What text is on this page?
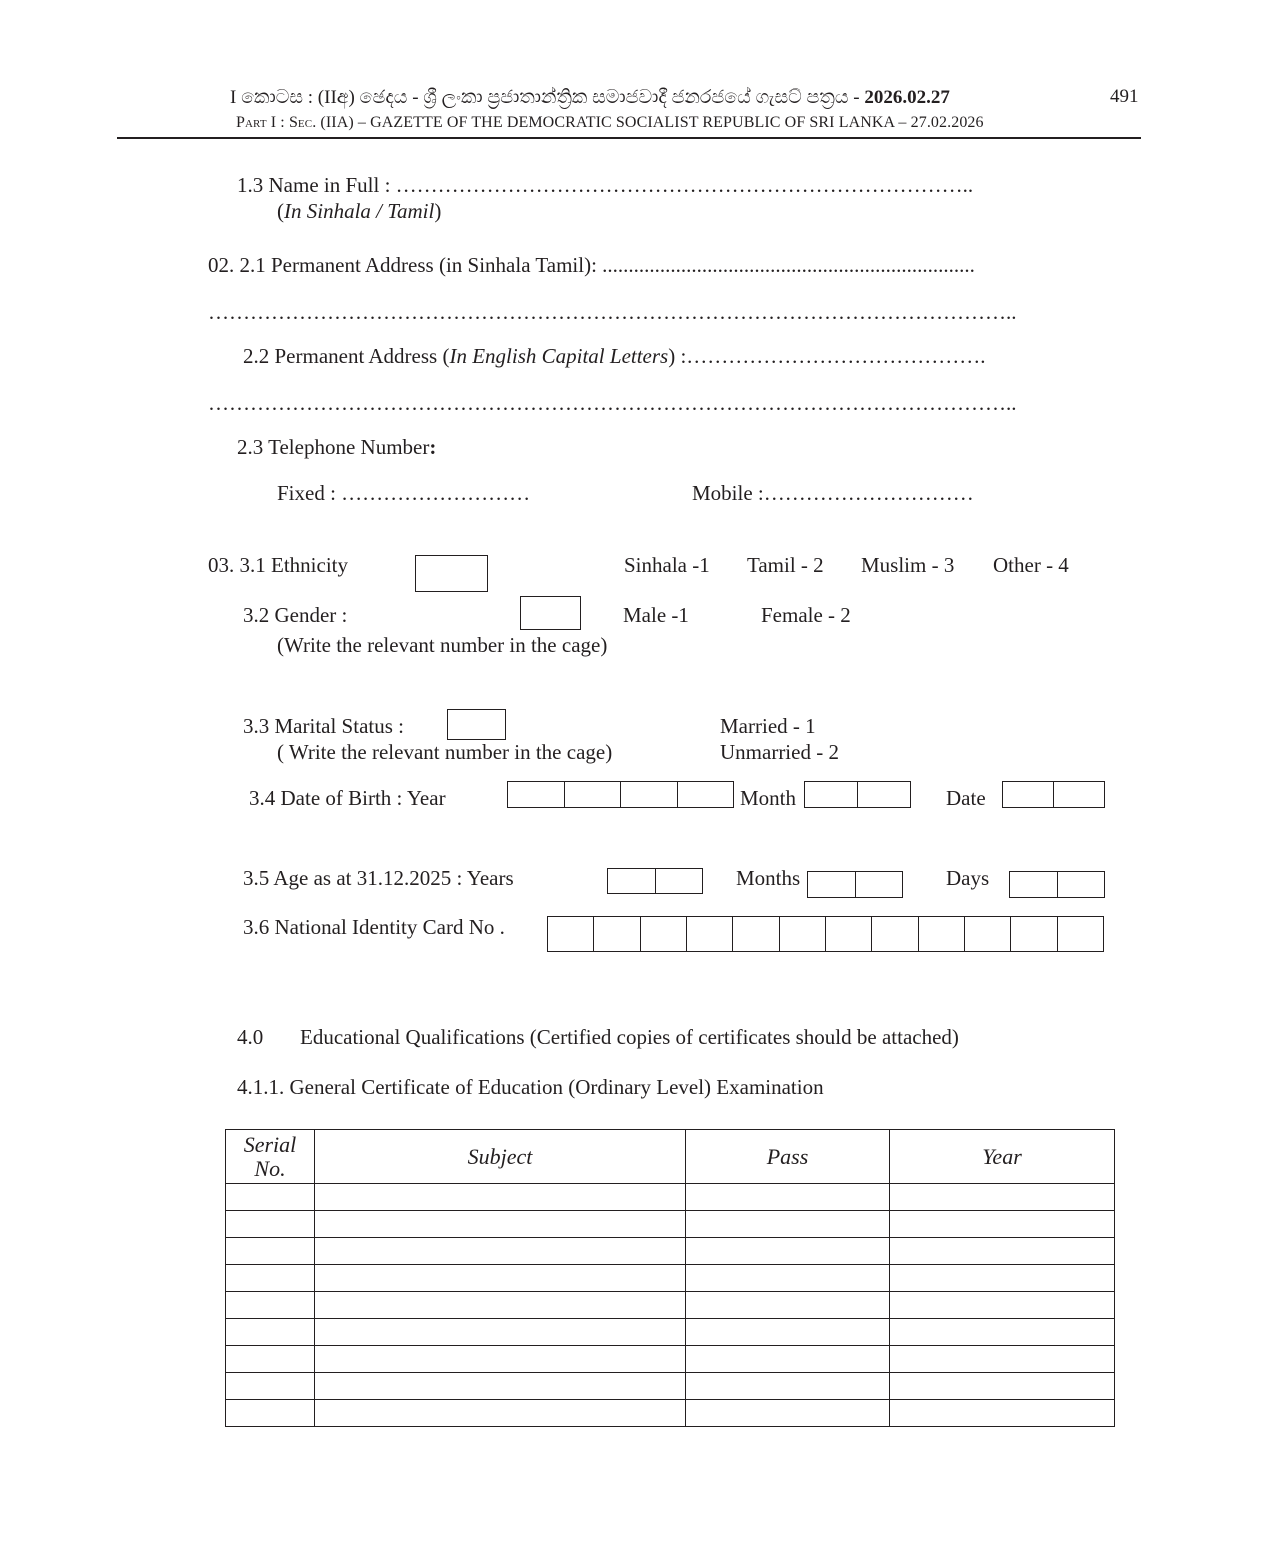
I කොටස : (IIඅ) ඡෙදය - ශ්‍රී ලංකා ප්‍රජාතාන්ත්‍රික සමාජවාදී ජනරජයේ ගැසට් පත්‍රය - 2026.02.27	491
Part I : Sec. (IIA) – GAZETTE OF THE DEMOCRATIC SOCIALIST REPUBLIC OF SRI LANKA – 27.02.2026
1.3 Name in Full : ………………………………………………………………………..
(In Sinhala / Tamil)
02. 2.1 Permanent Address (in Sinhala Tamil): .......................................................................
……………………………………………………………………………………………………..
2.2 Permanent Address (In English Capital Letters) :…………………………………….
……………………………………………………………………………………………………..
2.3 Telephone Number:
Fixed : ………………………	Mobile :…………………………
03. 3.1 Ethnicity	Sinhala -1 Tamil - 2 Muslim - 3 Other - 4
3.2 Gender :	Male -1	Female - 2
(Write the relevant number in the cage)
3.3 Marital Status :	Married - 1
( Write the relevant number in the cage)	Unmarried - 2
3.4 Date of Birth : Year	Month	Date
3.5 Age as at 31.12.2025 : Years	Months	Days
3.6 National Identity Card No .
4.0 Educational Qualifications (Certified copies of certificates should be attached)
4.1.1. General Certificate of Education (Ordinary Level) Examination
Serial No.	Subject	Pass	Year
